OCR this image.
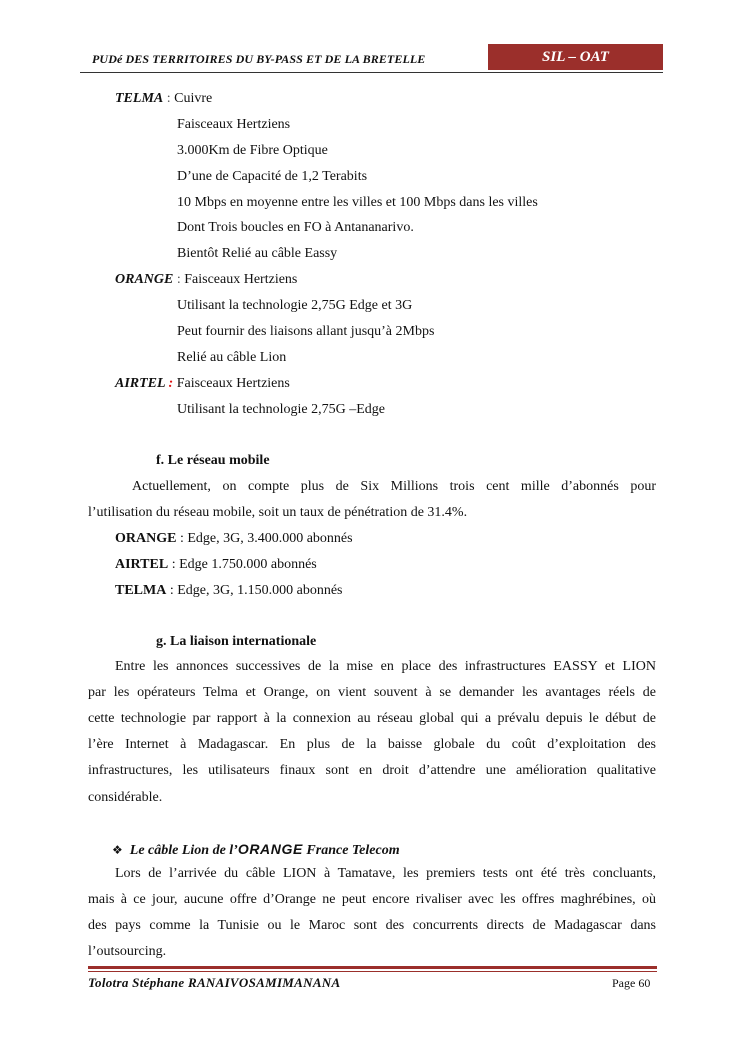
PUDé DES TERRITOIRES DU BY-PASS ET DE LA BRETELLE	SIL – OAT
TELMA : Cuivre
Faisceaux Hertziens
3.000Km de Fibre Optique
D’une de Capacité de 1,2 Terabits
10 Mbps en moyenne entre les villes et 100 Mbps dans les villes
Dont Trois boucles en FO à Antananarivo.
Bientôt Relié au câble Eassy
ORANGE : Faisceaux Hertziens
Utilisant la technologie 2,75G Edge et 3G
Peut fournir des liaisons allant jusqu’à 2Mbps
Relié au câble Lion
AIRTEL : Faisceaux Hertziens
Utilisant la technologie 2,75G –Edge
f. Le réseau mobile
Actuellement, on compte plus de Six Millions trois cent mille d’abonnés pour
l’utilisation du réseau mobile, soit un taux de pénétration de 31.4%.
ORANGE : Edge, 3G, 3.400.000 abonnés
AIRTEL : Edge 1.750.000 abonnés
TELMA : Edge, 3G, 1.150.000 abonnés
g. La liaison internationale
Entre les annonces successives de la mise en place des infrastructures EASSY et LION
par les opérateurs Telma et Orange, on vient souvent à se demander les avantages réels de
cette technologie par rapport à la connexion au réseau global qui a prévalu depuis le début de
l’ère Internet à Madagascar. En plus de la baisse globale du coût d’exploitation des
infrastructures, les utilisateurs finaux sont en droit d’attendre une amélioration qualitative
considérable.
❖ Le câble Lion de l’ORANGE France Telecom
Lors de l’arrivée du câble LION à Tamatave, les premiers tests ont été très concluants,
mais à ce jour, aucune offre d’Orange ne peut encore rivaliser avec les offres maghrébines, où
des pays comme la Tunisie ou le Maroc sont des concurrents directs de Madagascar dans
l’outsourcing.
Tolotra Stéphane RANAIVOSAMIMANANA	Page 60
